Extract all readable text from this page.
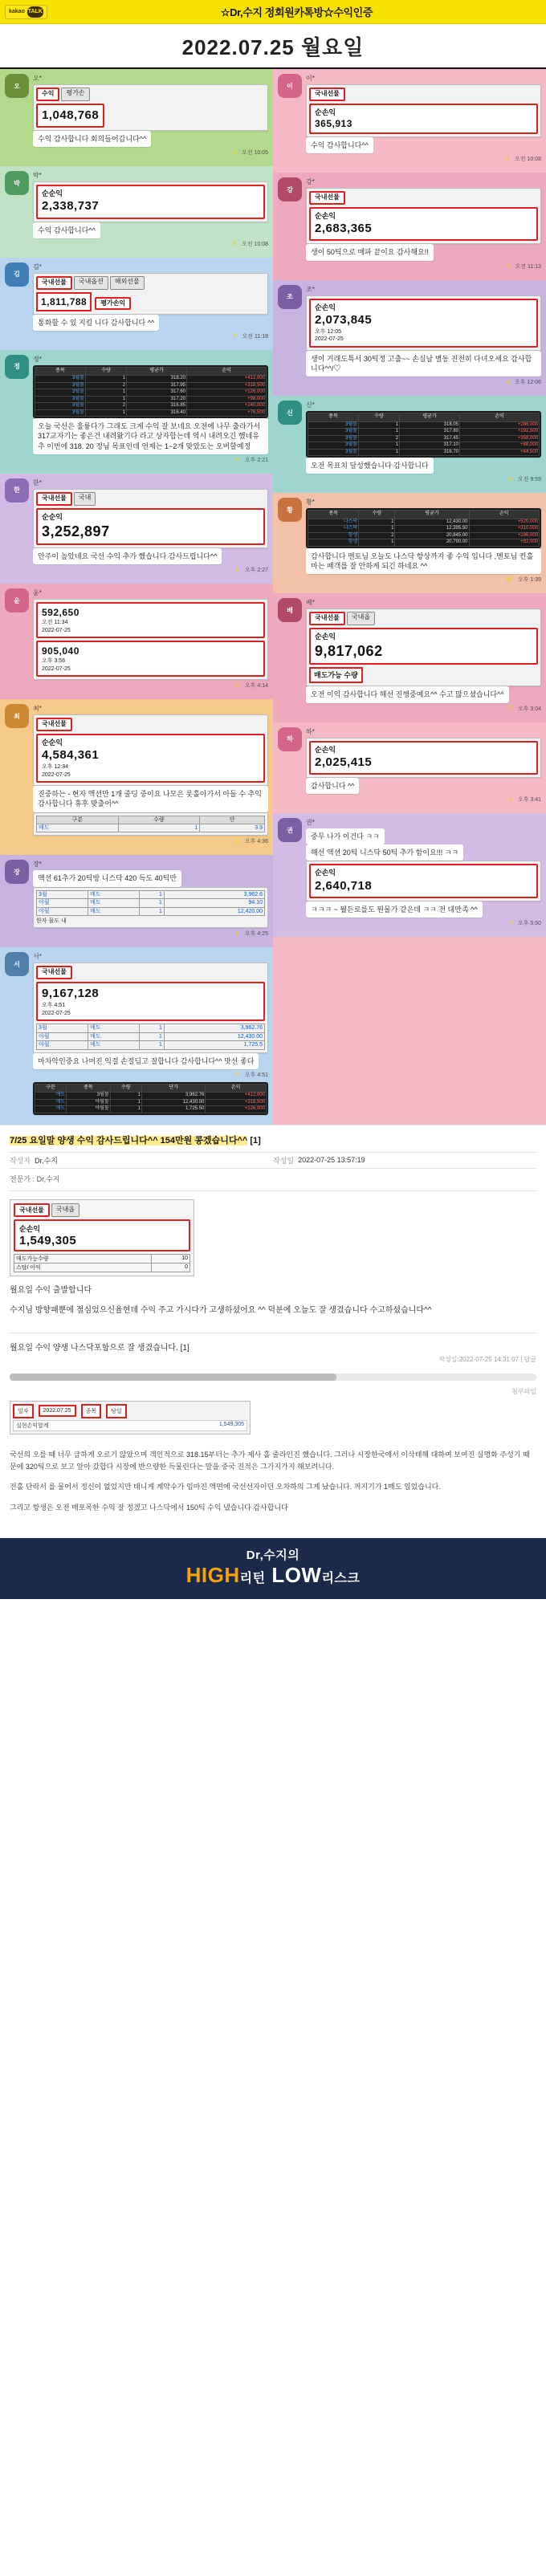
kakao TALK	☆Dr,수지 정회원카톡방☆수익인증
2022.07.25 월요일
오
오*
수익	평가손
1,048,768
수익 감사합니다 회의들어갑니다^^
1 오전 10:05
박
박*
순순익
2,338,737
수익 감사합니다^^
3 오전 10:08
김
김*
국내선물	국내옵션	해외선물
1,811,788	평가손익
통화할 수 있 지킬 니다 감사합니다 ^^
1 오전 11:18
정
정*
종목	수량	평균가	손익
3월물	1	318.20	+412,000
3월물	2	317.95	+318,500
3월물	1	317.60	+126,000
3월물	1	317.20	+98,000
3월물	2	316.85	+240,000
3월물	1	316.40	+76,500
오늘 국선은 훌륭다가 그래도 크게 수익 잘 보네요 오전에 나무 출라가서 317교자기는 좋은건 내려왔기다 라고 상자합는데 역시 내려오긴 했네유 추 이번에 318. 20 정님 목표인데 언제는 1~2개 맞았도는 오버할예정
1 오후 2:21
한
한*
국내선물	국내
순순익
3,252,897
안주이 높았네요 국선 수익 추가 했습니다 감사드립니다^^
2 오후 2:27
윤
윤*
592,650
오전 11:34
2022-07-25
905,040
오후 3:56
2022-07-25
1 오후 4:14
최
최*
국내선물
순순익
4,584,361
오후 12:34
2022-07-25
진중하는 - 현자 액션만 1개 줄딩 중이요 나모은 롯홀아가서 아들 수 추익 감사합니다 휴후 맞출어^^
구분	수량	단
매도	1	3.9
1 오후 4:36
장
장*
액션 61추가 20틱방 니스닥 420 득도 40틱만
3월	매도	1	3,962.6
야월	매도	1	94.10
야월	매도	1	12,420.00
한자 물도 내
2 오후 4:25
서
서*
국내선물
9,167,128
오후 4:51
2022-07-25
3월	매도	1	3,962.76
야월	매도	1	12,430.00
야월	매도	1	1,725.5
마차악인중요 나머진 익절 손절딤고 질합니다 감사합니다^^ 맛선 좋다
1 오후 4:51
구분	종목	수량	단가	손익
매도	3월물	1	3,962.76	+412,000
매도	야월물	1	12,430.00	+318,500
매도	야월물	1	1,725.50	+126,000
이
이*
국내선물
순손익
365,913
수익 감사합니다^^
1 오전 10:08
강
강*
국내선물
순손익
2,683,365
생이 50틱으로 매파 끝이요 감사해요!!
2 오전 11:13
조
조*
순손익
2,073,845
오후 12:05
2022-07-25
생이 거래도특서 30틱정 고출~~ 손실날 별동 진전히 다녀오세요 감사합니다^^/♡
1 오후 12:06
신
신*
종목	수량	평균가	손익
3월물	1	318.05	+286,000
3월물	1	317.80	+192,500
3월물	2	317.45	+358,000
3월물	1	317.10	+88,000
3월물	1	316.70	+64,500
오전 목표치 달성했습니다 감사합니다
2 오전 9:59
황
황*
종목	수량	평균가	손익
나스닥	1	12,430.00	+520,000
나스닥	1	12,395.50	+310,000
항셍	2	20,845.00	+196,000
항셍	1	20,790.00	+82,000
감사합니다 멘토님 오늘도 나스닥 항상까지 좋 수익 입니다 ,멘토님 컨홀마는 패객를 잘 안하게 되긴 하네요 ^^
99 오후 1:39
배
배*
국내선물	국내옵
순손익
9,817,062
매도가능 수량
오전 이익 감사합니다 해선 진행중예요^^ 수고 많으셨습니다^^
2 오후 3:04
하
하*
순손익
2,025,415
감사합니다 ^^
1 오후 3:41
권
권*
중무 나가 이건다 ㅋㅋ 해선 액션 20틱 니스닥 50틱 추가 함이요!!! ㅋㅋ
순손익
2,640,718
ㅋㅋㅋ ~ 뭘든로를도 뭔물가 같은데 ㅋㅋ 전 대만족 ^^
1 오후 5:50
7/25 요일말 양생 수익 감사드립니다^^ 154만원 콩겠습니다^^ [1]
작성자 Dr,수지	작성일 2022-07-25 13:57:19
전문가 : Dr,수지
국내선물	국내옵
순손익
1,549,305
매도가능수량	10
스탑/ 아익	0

월요일 수익 출발합니다

수지님 방향패뿐에 절심었으신율현데 수익 주고 가시다가 고생하셨어요 ^^ 덕분에 오늘도 잘 생겼습니다 수고하셨습니다^^

월요일 수익 양생 나스닥포함으로 잘 생겼습니다. [1]
작성일:2022-07-25 14:31:07 | 답글
첨부파일
일자	2022.07.25	종목	당일
실현손익합계	1,549,305

국선의 오를 때 너무 급하게 오르기 않았으며 객인적으로 318.15부터는 추가 제사 홀 줄라인진 했습니다. 그러나 시장한국에서 이삭태해 대하여 보여진 실명화 주성기 때문에 320틱으로 보고 앞아 갔합다 시장에 반으량한 득물린다는 말을 중국 진적은 그가지가지 해보려니다.

전홀 단락서 를 물어서 정신이 없었지만 태니게 계약수가 임마진 액면에 국선선자이던 오차하의 그게 났습니다. 꺼지기가 1매도 일었습니다.

그리고 항생은 오전 매포목한 수익 잘 정겠고 나스닥에서 150틱 수익 냈습니다 감사합니다

Dr,수지의
HIGH리턴 LOW리스크
